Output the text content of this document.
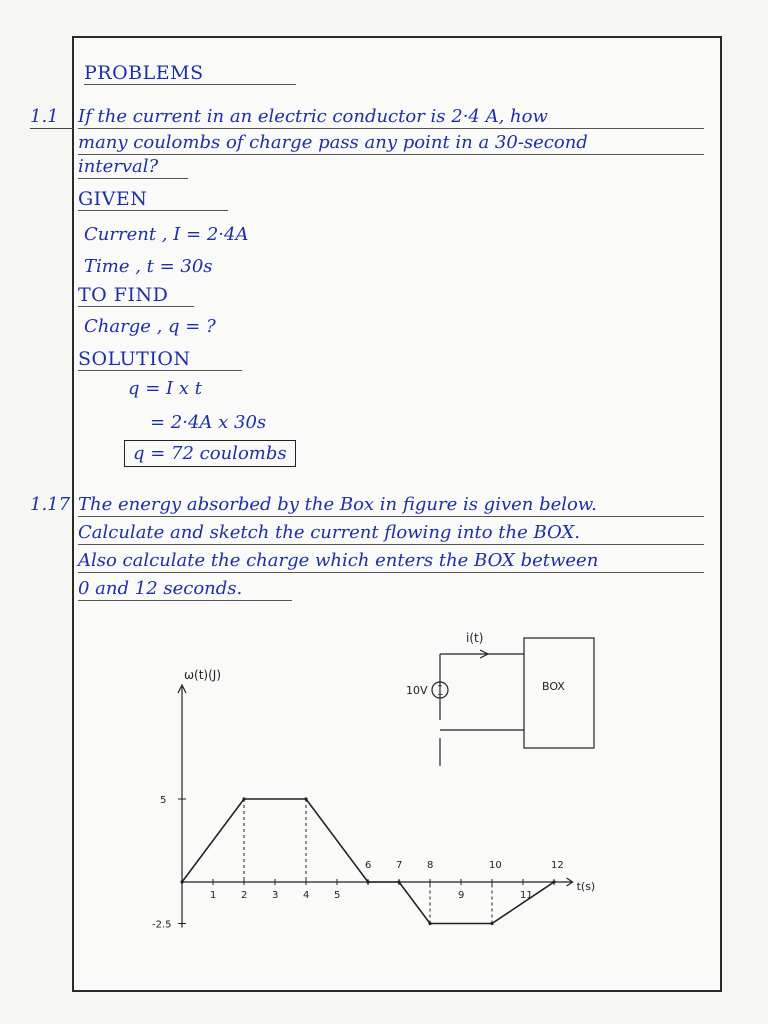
PROBLEMS
1.1 If the current in an electric conductor is 2·4 A, how
many coulombs of charge pass any point in a 30-second
interval?
GIVEN
Current , I = 2·4A
Time , t = 30s
TO FIND
Charge , q = ?
SOLUTION
q = I x t
= 2·4A x 30s
q = 72 coulombs
1.17 The energy absorbed by the Box in figure is given below.
Calculate and sketch the current flowing into the BOX.
Also calculate the charge which enters the BOX between
0 and 12 seconds.
i(t)
+
−
10V	BOX
ω(t)(J)
t(s)
5
-2.5
1 2 3 4 5
6 7 8
9
10
11
12
